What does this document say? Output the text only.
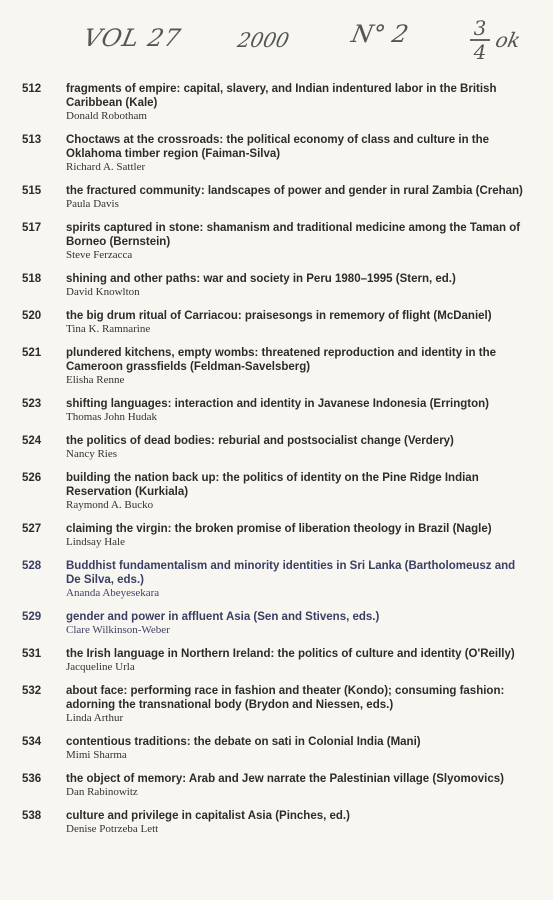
VOL 27	2000 N° 2	3
4 ok
512 fragments of empire: capital, slavery, and Indian indentured labor in the British Caribbean (Kale)
Donald Robotham
513 Choctaws at the crossroads: the political economy of class and culture in the Oklahoma timber region (Faiman-Silva)
Richard A. Sattler
515 the fractured community: landscapes of power and gender in rural Zambia (Crehan)
Paula Davis
517 spirits captured in stone: shamanism and traditional medicine among the Taman of Borneo (Bernstein)
Steve Ferzacca
518 shining and other paths: war and society in Peru 1980–1995 (Stern, ed.)
David Knowlton
520 the big drum ritual of Carriacou: praisesongs in rememory of flight (McDaniel)
Tina K. Ramnarine
521 plundered kitchens, empty wombs: threatened reproduction and identity in the Cameroon grassfields (Feldman-Savelsberg)
Elisha Renne
523 shifting languages: interaction and identity in Javanese Indonesia (Errington)
Thomas John Hudak
524 the politics of dead bodies: reburial and postsocialist change (Verdery)
Nancy Ries
526 building the nation back up: the politics of identity on the Pine Ridge Indian Reservation (Kurkiala)
Raymond A. Bucko
527 claiming the virgin: the broken promise of liberation theology in Brazil (Nagle)
Lindsay Hale
528 Buddhist fundamentalism and minority identities in Sri Lanka (Bartholomeusz and De Silva, eds.)
Ananda Abeyesekara
529 gender and power in affluent Asia (Sen and Stivens, eds.)
Clare Wilkinson-Weber
531 the Irish language in Northern Ireland: the politics of culture and identity (O'Reilly)
Jacqueline Urla
532 about face: performing race in fashion and theater (Kondo); consuming fashion: adorning the transnational body (Brydon and Niessen, eds.)
Linda Arthur
534 contentious traditions: the debate on sati in Colonial India (Mani)
Mimi Sharma
536 the object of memory: Arab and Jew narrate the Palestinian village (Slyomovics)
Dan Rabinowitz
538 culture and privilege in capitalist Asia (Pinches, ed.)
Denise Potrzeba Lett
